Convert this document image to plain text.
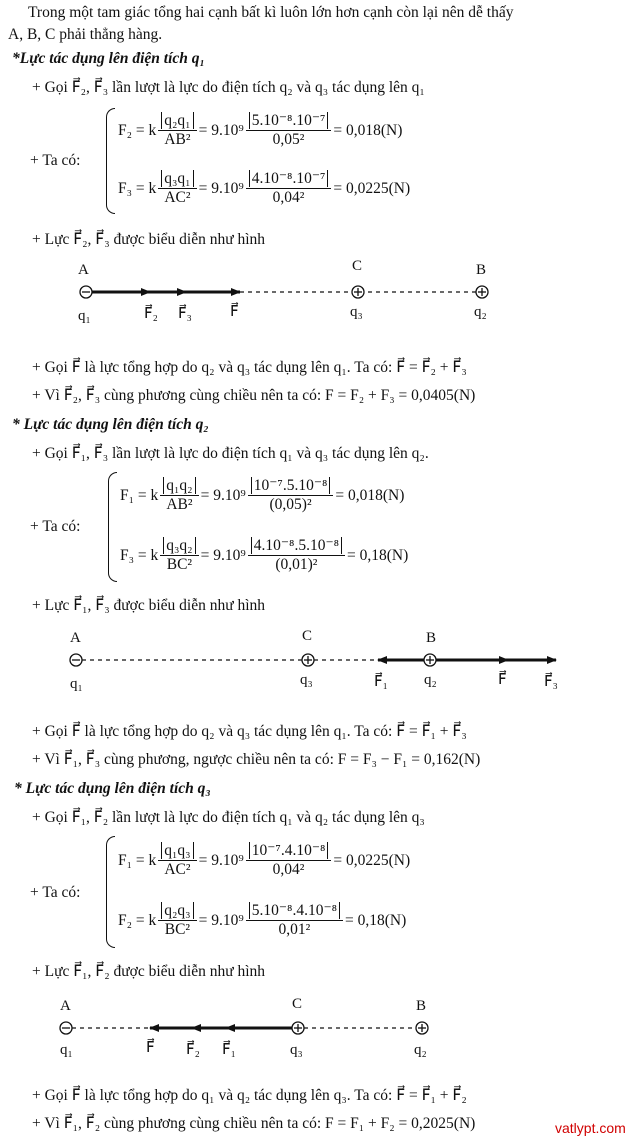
Trong một tam giác tổng hai cạnh bất kì luôn lớn hơn cạnh còn lại nên dễ thấy
A, B, C phải thẳng hàng.
*Lực tác dụng lên điện tích q₁
+ Gọi F⃗₂, F⃗₃ lần lượt là lực do điện tích q₂ và q₃ tác dụng lên q₁
+ Ta có:
F₂ = k $\frac{\text{q₂q₁}}{\text{AB²}} = 9.10^9 \frac{\text{5.10⁻⁸.10⁻⁷}}{\text{0,05²}} = 0,018(N)$
F₃ = k $\frac{\text{q₃q₁}}{\text{AC²}} = 9.10^9 \frac{\text{4.10⁻⁸.10⁻⁷}}{\text{0,04²}} = 0,0225(N)$
+ Lực F⃗₂, F⃗₃ được biểu diễn như hình
A	C	B
q₁	F⃗₂ F⃗₃	F⃗	q₃	q₂
+ Gọi F⃗ là lực tổng hợp do q₂ và q₃ tác dụng lên q₁. Ta có: F⃗ = F⃗₂ + F⃗₃
+ Vì F⃗₂, F⃗₃ cùng phương cùng chiều nên ta có: F = F₂ + F₃ = 0,0405(N)
* Lực tác dụng lên điện tích q₂
+ Gọi F⃗₁, F⃗₃ lần lượt là lực do điện tích q₁ và q₃ tác dụng lên q₂.
+ Ta có:
F₁ = k $\frac{\text{q₁q₂}}{\text{AB²}} = 9.10^9 \frac{\text{10⁻⁷.5.10⁻⁸}}{\text{(0,05)²}} = 0,018(N)$
F₃ = k $\frac{\text{q₃q₂}}{\text{BC²}} = 9.10^9 \frac{\text{4.10⁻⁸.5.10⁻⁸}}{\text{(0,01)²}} = 0,18(N)$
+ Lực F⃗₁, F⃗₃ được biểu diễn như hình
A	C	B
q₁	q₃	F⃗₁ q₂	F⃗ F⃗₃
+ Gọi F⃗ là lực tổng hợp do q₂ và q₃ tác dụng lên q₁. Ta có: F⃗ = F⃗₁ + F⃗₃
+ Vì F⃗₁, F⃗₃ cùng phương, ngược chiều nên ta có: F = F₃ − F₁ = 0,162(N)
* Lực tác dụng lên điện tích q₃
+ Gọi F⃗₁, F⃗₂ lần lượt là lực do điện tích q₁ và q₂ tác dụng lên q₃
+ Ta có:
F₁ = k $\frac{\text{q₁q₃}}{\text{AC²}} = 9.10^9 \frac{\text{10⁻⁷.4.10⁻⁸}}{\text{0,04²}} = 0,0225(N)$
F₂ = k $\frac{\text{q₂q₃}}{\text{BC²}} = 9.10^9 \frac{\text{5.10⁻⁸.4.10⁻⁸}}{\text{0,01²}} = 0,18(N)$
+ Lực F⃗₁, F⃗₂ được biểu diễn như hình
A	C	B
q₁	F⃗ F⃗₂ F⃗₁	q₃	q₂
+ Gọi F⃗ là lực tổng hợp do q₁ và q₂ tác dụng lên q₃. Ta có: F⃗ = F⃗₁ + F⃗₂
+ Vì F⃗₁, F⃗₂ cùng phương cùng chiều nên ta có: F = F₁ + F₂ = 0,2025(N)	vatlypt.com
